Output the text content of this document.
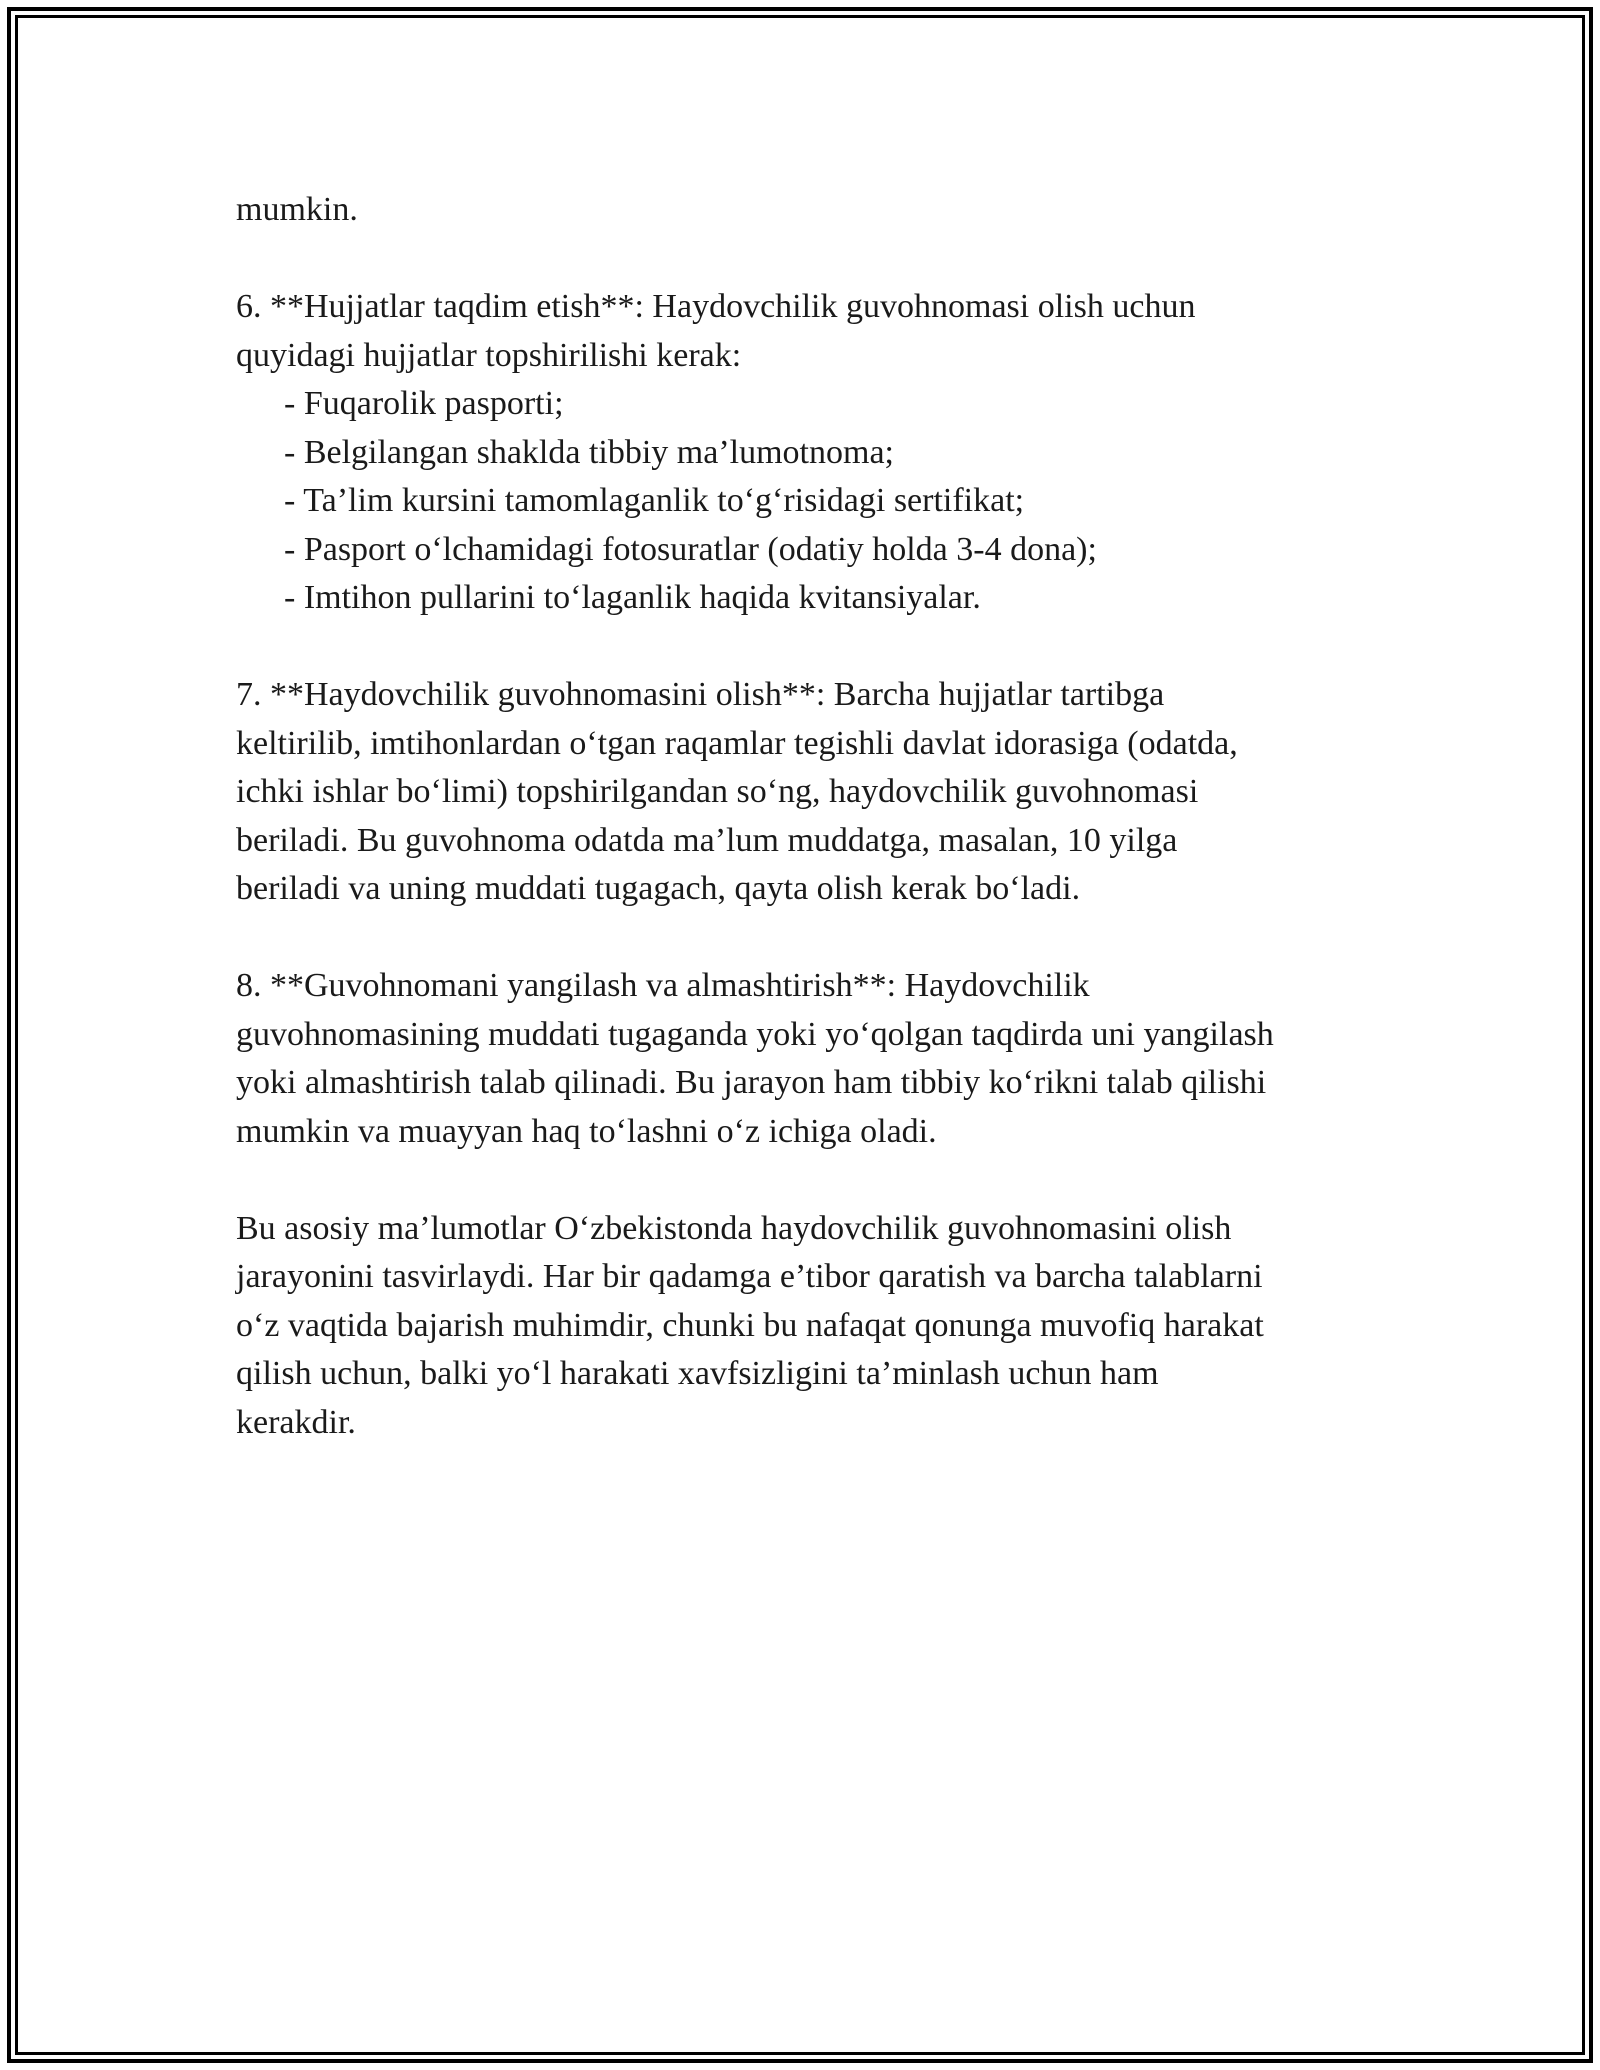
mumkin.

6. **Hujjatlar taqdim etish**: Haydovchilik guvohnomasi olish uchun
quyidagi hujjatlar topshirilishi kerak:
- Fuqarolik pasporti;
- Belgilangan shaklda tibbiy ma’lumotnoma;
- Ta’lim kursini tamomlaganlik to‘g‘risidagi sertifikat;
- Pasport o‘lchamidagi fotosuratlar (odatiy holda 3-4 dona);
- Imtihon pullarini to‘laganlik haqida kvitansiyalar.
7. **Haydovchilik guvohnomasini olish**: Barcha hujjatlar tartibga
keltirilib, imtihonlardan o‘tgan raqamlar tegishli davlat idorasiga (odatda,
ichki ishlar bo‘limi) topshirilgandan so‘ng, haydovchilik guvohnomasi
beriladi. Bu guvohnoma odatda ma’lum muddatga, masalan, 10 yilga
beriladi va uning muddati tugagach, qayta olish kerak bo‘ladi.
8. **Guvohnomani yangilash va almashtirish**: Haydovchilik
guvohnomasining muddati tugaganda yoki yo‘qolgan taqdirda uni yangilash
yoki almashtirish talab qilinadi. Bu jarayon ham tibbiy ko‘rikni talab qilishi
mumkin va muayyan haq to‘lashni o‘z ichiga oladi.
Bu asosiy ma’lumotlar O‘zbekistonda haydovchilik guvohnomasini olish
jarayonini tasvirlaydi. Har bir qadamga e’tibor qaratish va barcha talablarni
o‘z vaqtida bajarish muhimdir, chunki bu nafaqat qonunga muvofiq harakat
qilish uchun, balki yo‘l harakati xavfsizligini ta’minlash uchun ham
kerakdir.
